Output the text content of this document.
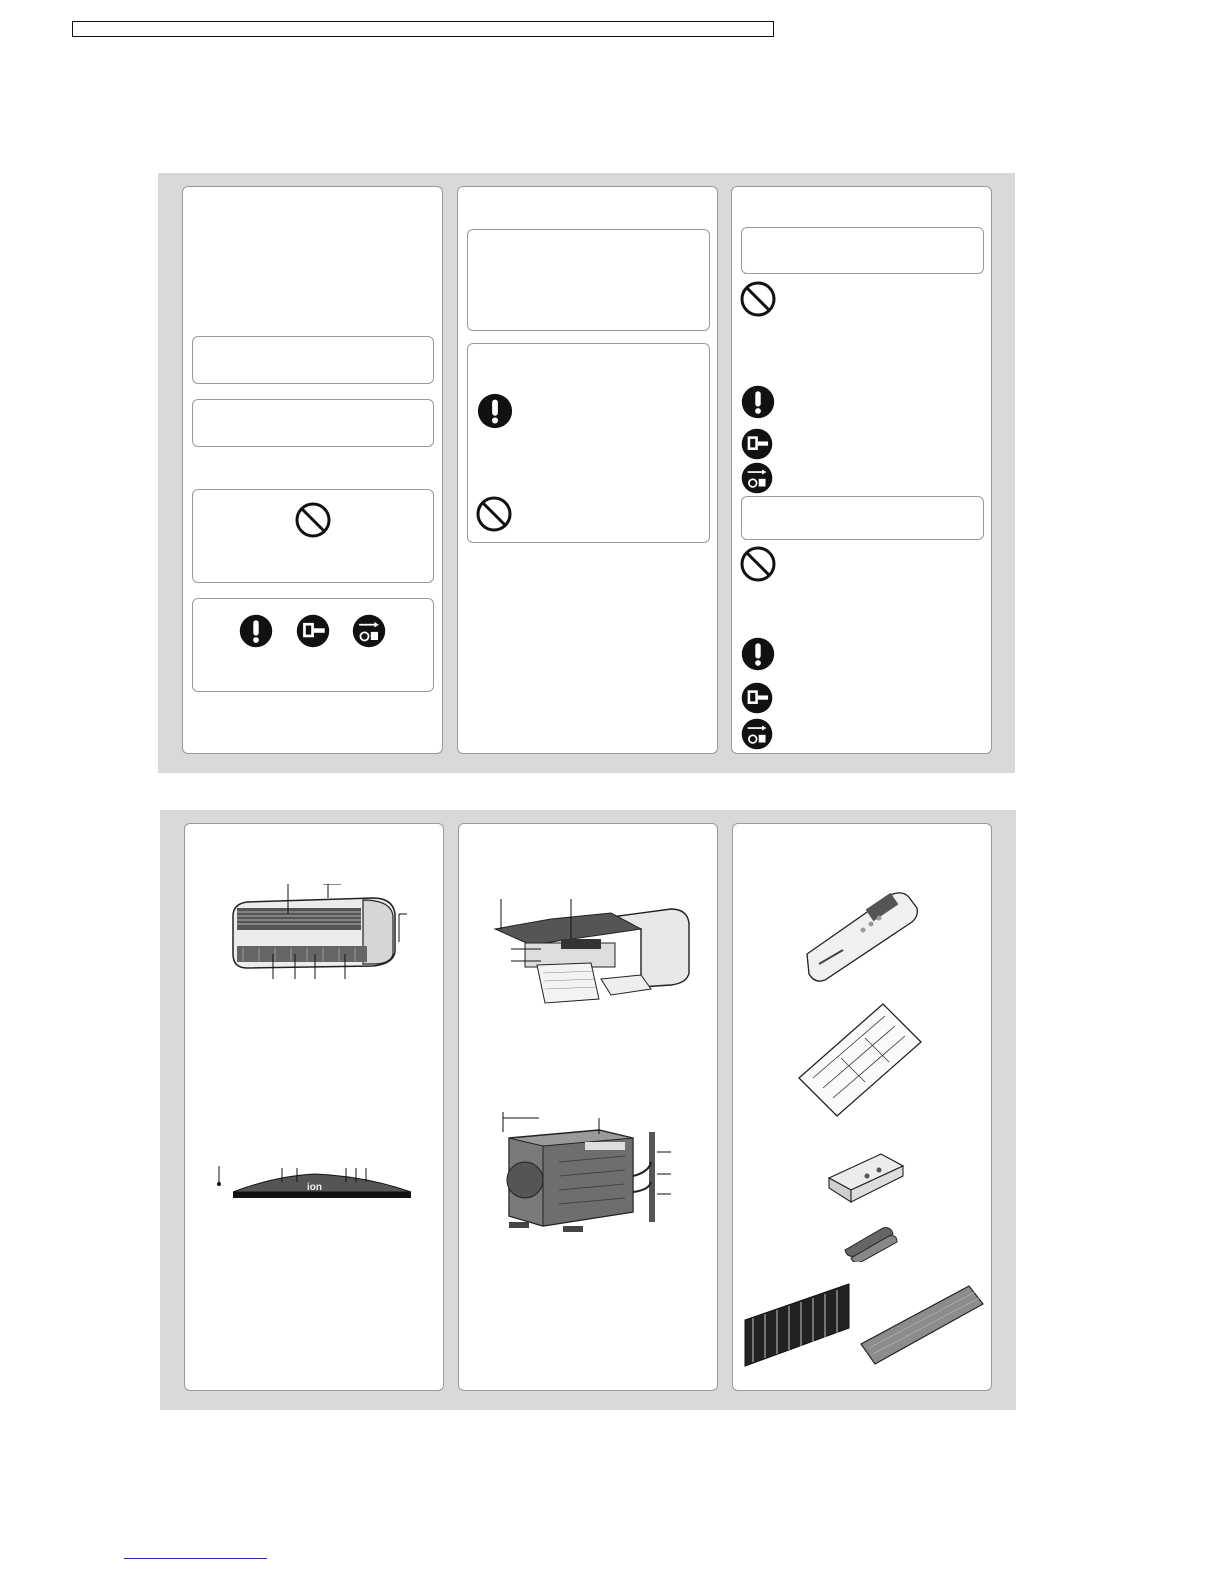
ion
